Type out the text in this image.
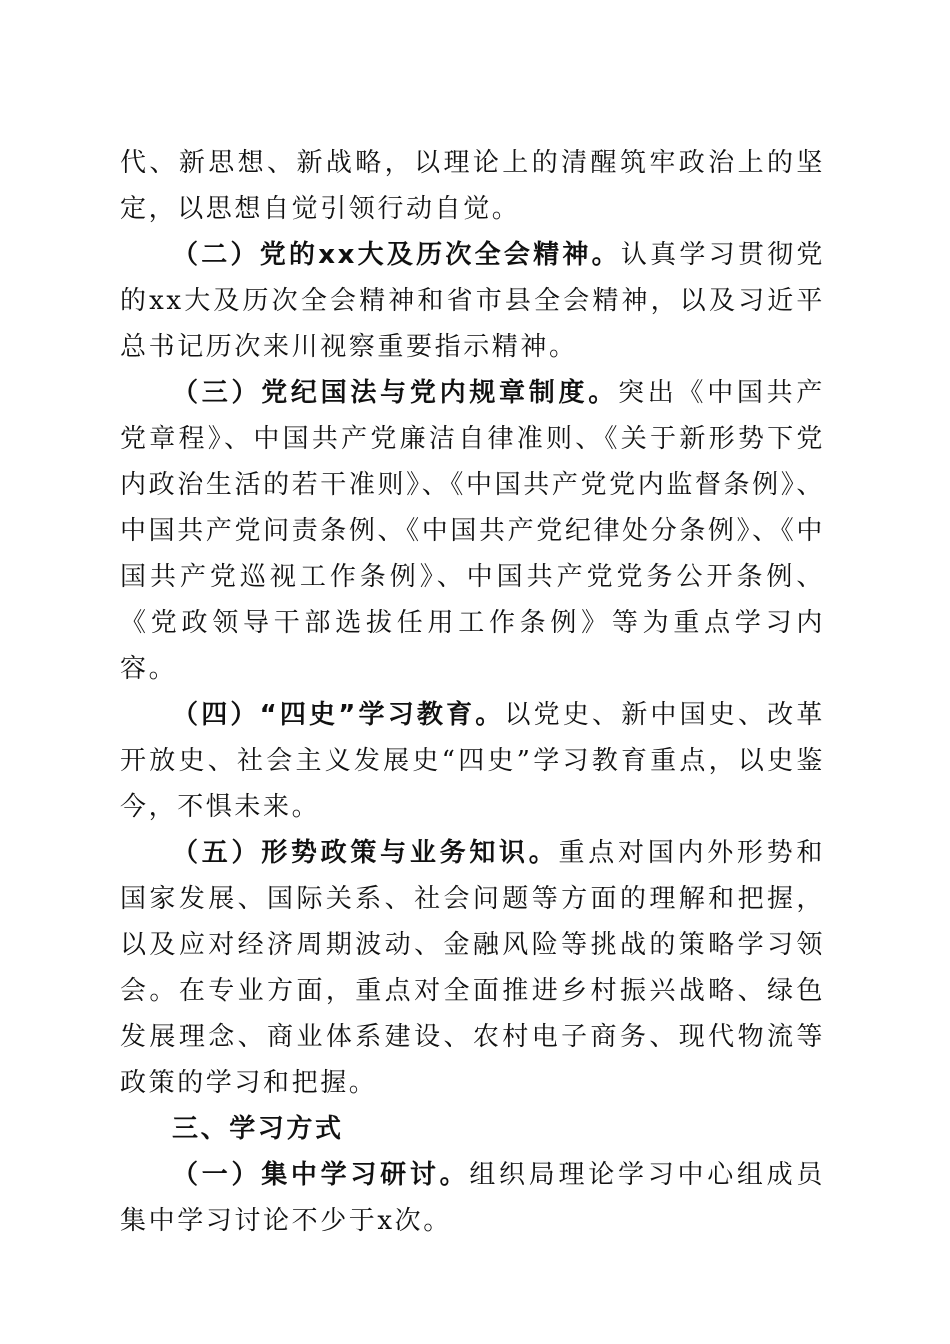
代、新思想、新战略，以理论上的清醒筑牢政治上的坚定，以思想自觉引领行动自觉。

（二）党的xx大及历次全会精神。认真学习贯彻党的xx大及历次全会精神和省市县全会精神，以及习近平总书记历次来川视察重要指示精神。

（三）党纪国法与党内规章制度。突出《中国共产党章程》、中国共产党廉洁自律准则、《关于新形势下党内政治生活的若干准则》、《中国共产党党内监督条例》、中国共产党问责条例、《中国共产党纪律处分条例》、《中国共产党巡视工作条例》、中国共产党党务公开条例、《党政领导干部选拔任用工作条例》等为重点学习内容。

（四）“四史”学习教育。以党史、新中国史、改革开放史、社会主义发展史“四史”学习教育重点，以史鉴今，不惧未来。

（五）形势政策与业务知识。重点对国内外形势和国家发展、国际关系、社会问题等方面的理解和把握，以及应对经济周期波动、金融风险等挑战的策略学习领会。在专业方面，重点对全面推进乡村振兴战略、绿色发展理念、商业体系建设、农村电子商务、现代物流等政策的学习和把握。

三、学习方式

（一）集中学习研讨。组织局理论学习中心组成员集中学习讨论不少于x次。
